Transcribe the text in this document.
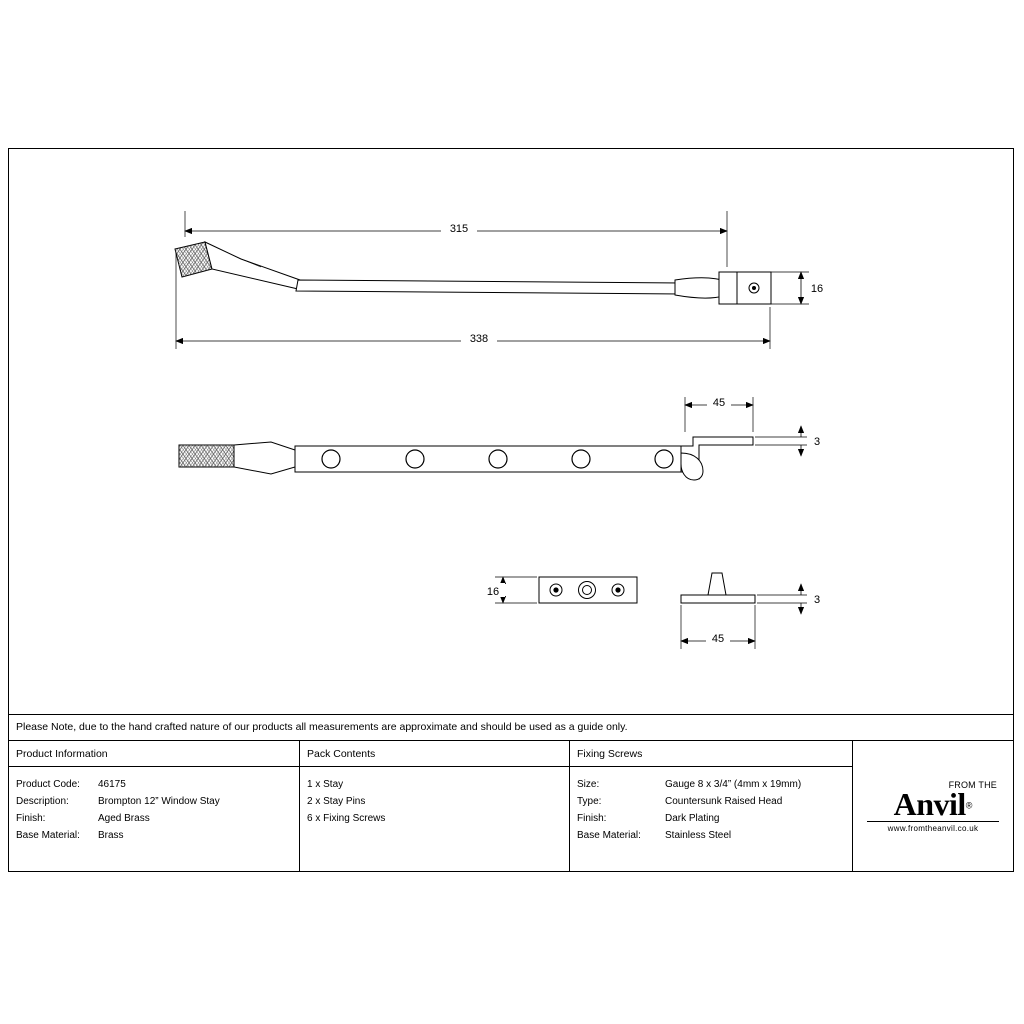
315
338
16
45
3
16
3
45
Please Note, due to the hand crafted nature of our products all measurements are approximate and should be used as a guide only.
Product Information
Product Code:	46175
Description:	Brompton 12” Window Stay
Finish:	Aged Brass
Base Material:	Brass
Pack Contents
1 x Stay
2 x Stay Pins
6 x Fixing Screws
Fixing Screws
Size:	Gauge 8 x 3/4” (4mm x 19mm)
Type:	Countersunk Raised Head
Finish:	Dark Plating
Base Material:	Stainless Steel
FROM THE
Anvil®
www.fromtheanvil.co.uk
